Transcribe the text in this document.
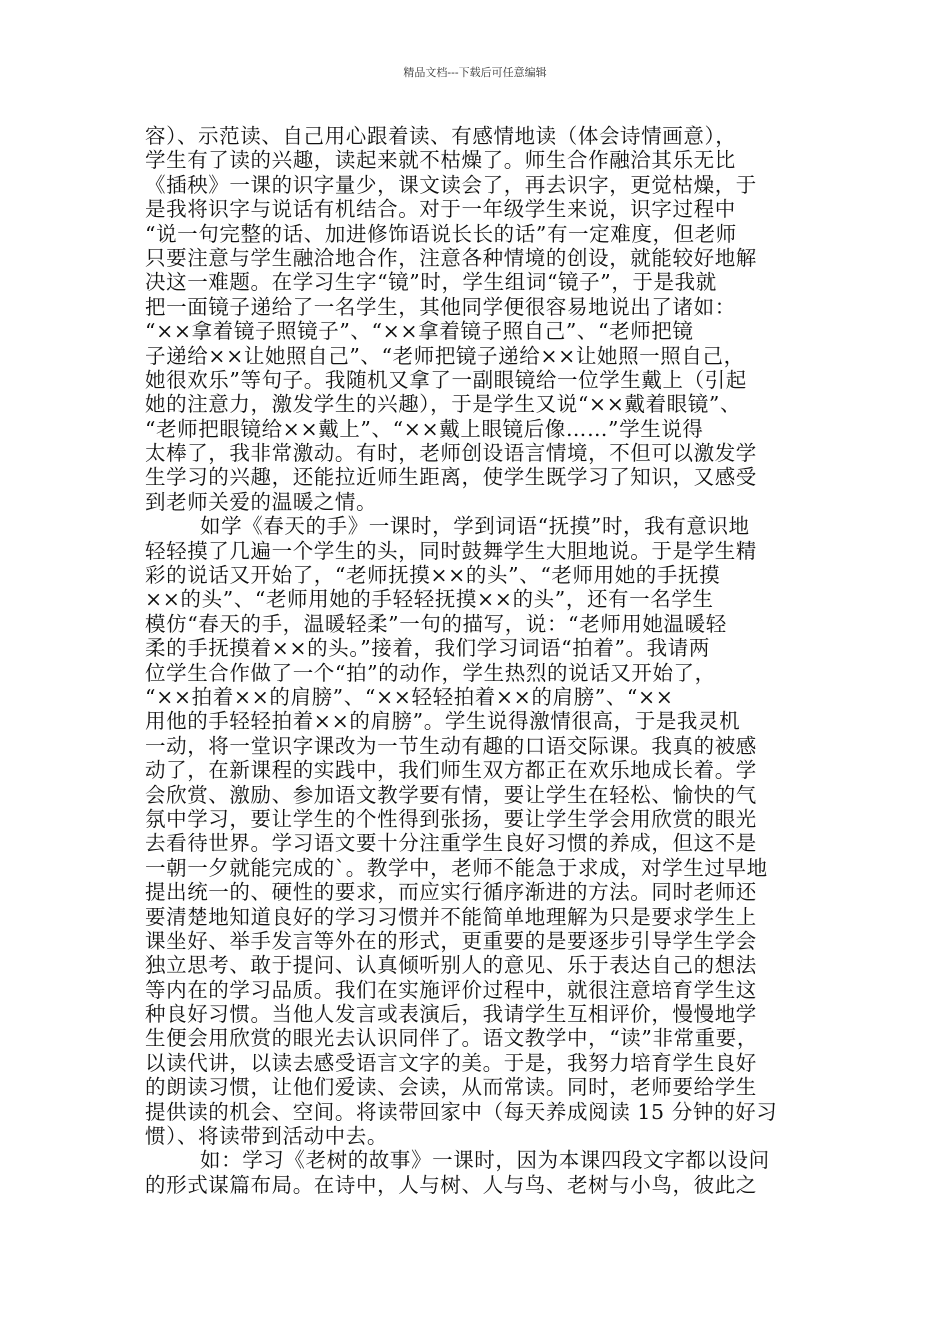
精品文档---下载后可任意编辑
容）、示范读、自己用心跟着读、有感情地读（体会诗情画意），
学生有了读的兴趣，读起来就不枯燥了。师生合作融洽其乐无比
《插秧》一课的识字量少，课文读会了，再去识字，更觉枯燥，于
是我将识字与说话有机结合。对于一年级学生来说，识字过程中
“说一句完整的话、加进修饰语说长长的话”有一定难度，但老师
只要注意与学生融洽地合作，注意各种情境的创设，就能较好地解
决这一难题。在学习生字“镜”时，学生组词“镜子”，于是我就
把一面镜子递给了一名学生，其他同学便很容易地说出了诸如：
“××拿着镜子照镜子”、“××拿着镜子照自己”、“老师把镜
子递给××让她照自己”、“老师把镜子递给××让她照一照自己，
她很欢乐”等句子。我随机又拿了一副眼镜给一位学生戴上（引起
她的注意力，激发学生的兴趣），于是学生又说“××戴着眼镜”、
“老师把眼镜给××戴上”、“××戴上眼镜后像……”学生说得
太棒了，我非常激动。有时，老师创设语言情境，不但可以激发学
生学习的兴趣，还能拉近师生距离，使学生既学习了知识，又感受
到老师关爱的温暖之情。
如学《春天的手》一课时，学到词语“抚摸”时，我有意识地
轻轻摸了几遍一个学生的头，同时鼓舞学生大胆地说。于是学生精
彩的说话又开始了，“老师抚摸××的头”、“老师用她的手抚摸
××的头”、“老师用她的手轻轻抚摸××的头”，还有一名学生
模仿“春天的手，温暖轻柔”一句的描写，说：“老师用她温暖轻
柔的手抚摸着××的头。”接着，我们学习词语“拍着”。我请两
位学生合作做了一个“拍”的动作，学生热烈的说话又开始了，
“××拍着××的肩膀”、“××轻轻拍着××的肩膀”、“××
用他的手轻轻拍着××的肩膀”。学生说得激情很高，于是我灵机
一动，将一堂识字课改为一节生动有趣的口语交际课。我真的被感
动了，在新课程的实践中，我们师生双方都正在欢乐地成长着。学
会欣赏、激励、参加语文教学要有情，要让学生在轻松、愉快的气
氛中学习，要让学生的个性得到张扬，要让学生学会用欣赏的眼光
去看待世界。学习语文要十分注重学生良好习惯的养成，但这不是
一朝一夕就能完成的`。教学中，老师不能急于求成，对学生过早地
提出统一的、硬性的要求，而应实行循序渐进的方法。同时老师还
要清楚地知道良好的学习习惯并不能简单地理解为只是要求学生上
课坐好、举手发言等外在的形式，更重要的是要逐步引导学生学会
独立思考、敢于提问、认真倾听别人的意见、乐于表达自己的想法
等内在的学习品质。我们在实施评价过程中，就很注意培育学生这
种良好习惯。当他人发言或表演后，我请学生互相评价，慢慢地学
生便会用欣赏的眼光去认识同伴了。语文教学中，“读”非常重要，
以读代讲，以读去感受语言文字的美。于是，我努力培育学生良好
的朗读习惯，让他们爱读、会读，从而常读。同时，老师要给学生
提供读的机会、空间。将读带回家中（每天养成阅读 15 分钟的好习
惯）、将读带到活动中去。
如：学习《老树的故事》一课时，因为本课四段文字都以设问
的形式谋篇布局。在诗中，人与树、人与鸟、老树与小鸟，彼此之
